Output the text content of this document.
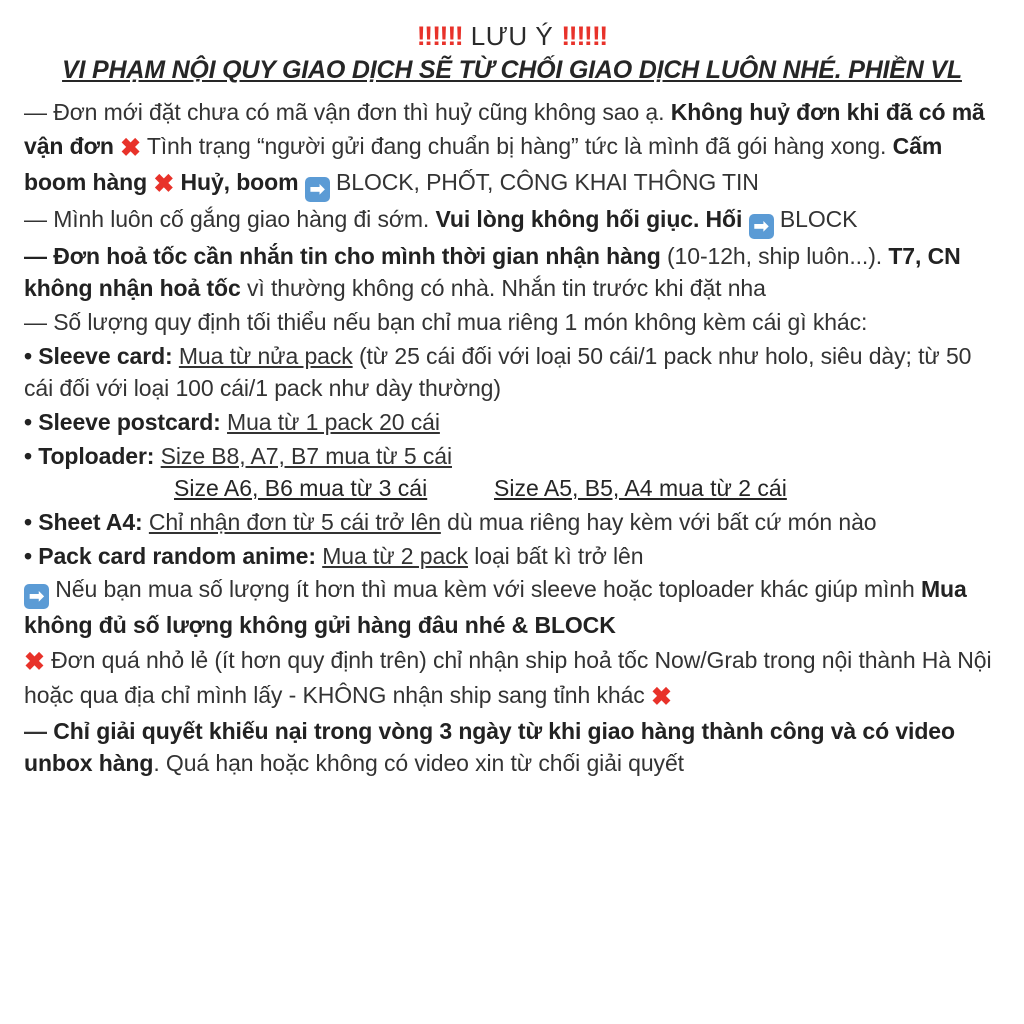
‼‼‼ LƯU Ý ‼‼‼
VI PHẠM NỘI QUY GIAO DỊCH SẼ TỪ CHỐI GIAO DỊCH LUÔN NHÉ. PHIỀN VL

— Đơn mới đặt chưa có mã vận đơn thì huỷ cũng không sao ạ. Không huỷ đơn khi đã có mã vận đơn ✖ Tình trạng “người gửi đang chuẩn bị hàng” tức là mình đã gói hàng xong. Cấm boom hàng ✖ Huỷ, boom ➡ BLOCK, PHỐT, CÔNG KHAI THÔNG TIN

— Mình luôn cố gắng giao hàng đi sớm. Vui lòng không hối giục. Hối ➡ BLOCK

— Đơn hoả tốc cần nhắn tin cho mình thời gian nhận hàng (10-12h, ship luôn...). T7, CN không nhận hoả tốc vì thường không có nhà. Nhắn tin trước khi đặt nha

— Số lượng quy định tối thiểu nếu bạn chỉ mua riêng 1 món không kèm cái gì khác:

• Sleeve card: Mua từ nửa pack (từ 25 cái đối với loại 50 cái/1 pack như holo, siêu dày; từ 50 cái đối với loại 100 cái/1 pack như dày thường)

• Sleeve postcard: Mua từ 1 pack 20 cái

• Toploader: Size B8, A7, B7 mua từ 5 cái

Size A6, B6 mua từ 3 cái	Size A5, B5, A4 mua từ 2 cái

• Sheet A4: Chỉ nhận đơn từ 5 cái trở lên dù mua riêng hay kèm với bất cứ món nào

• Pack card random anime: Mua từ 2 pack loại bất kì trở lên

➡ Nếu bạn mua số lượng ít hơn thì mua kèm với sleeve hoặc toploader khác giúp mình Mua không đủ số lượng không gửi hàng đâu nhé & BLOCK

✖ Đơn quá nhỏ lẻ (ít hơn quy định trên) chỉ nhận ship hoả tốc Now/Grab trong nội thành Hà Nội hoặc qua địa chỉ mình lấy - KHÔNG nhận ship sang tỉnh khác ✖

— Chỉ giải quyết khiếu nại trong vòng 3 ngày từ khi giao hàng thành công và có video unbox hàng. Quá hạn hoặc không có video xin từ chối giải quyết
